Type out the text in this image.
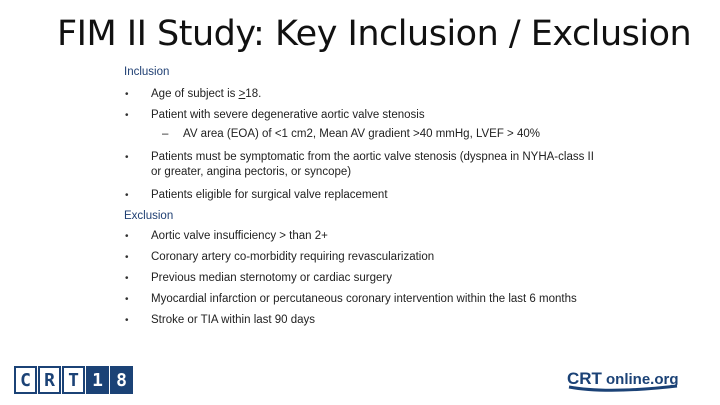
FIM II Study: Key Inclusion / Exclusion
Inclusion
• Age of subject is >18.
• Patient with severe degenerative aortic valve stenosis
– AV area (EOA) of <1 cm2, Mean AV gradient >40 mmHg, LVEF > 40%
• Patients must be symptomatic from the aortic valve stenosis (dyspnea in NYHA-class II or greater, angina pectoris, or syncope)
• Patients eligible for surgical valve replacement
Exclusion
• Aortic valve insufficiency > than 2+
• Coronary artery co-morbidity requiring revascularization
• Previous median sternotomy or cardiac surgery
• Myocardial infarction or percutaneous coronary intervention within the last 6 months
• Stroke or TIA within last 90 days
C R T 1 8	CRT online.org
